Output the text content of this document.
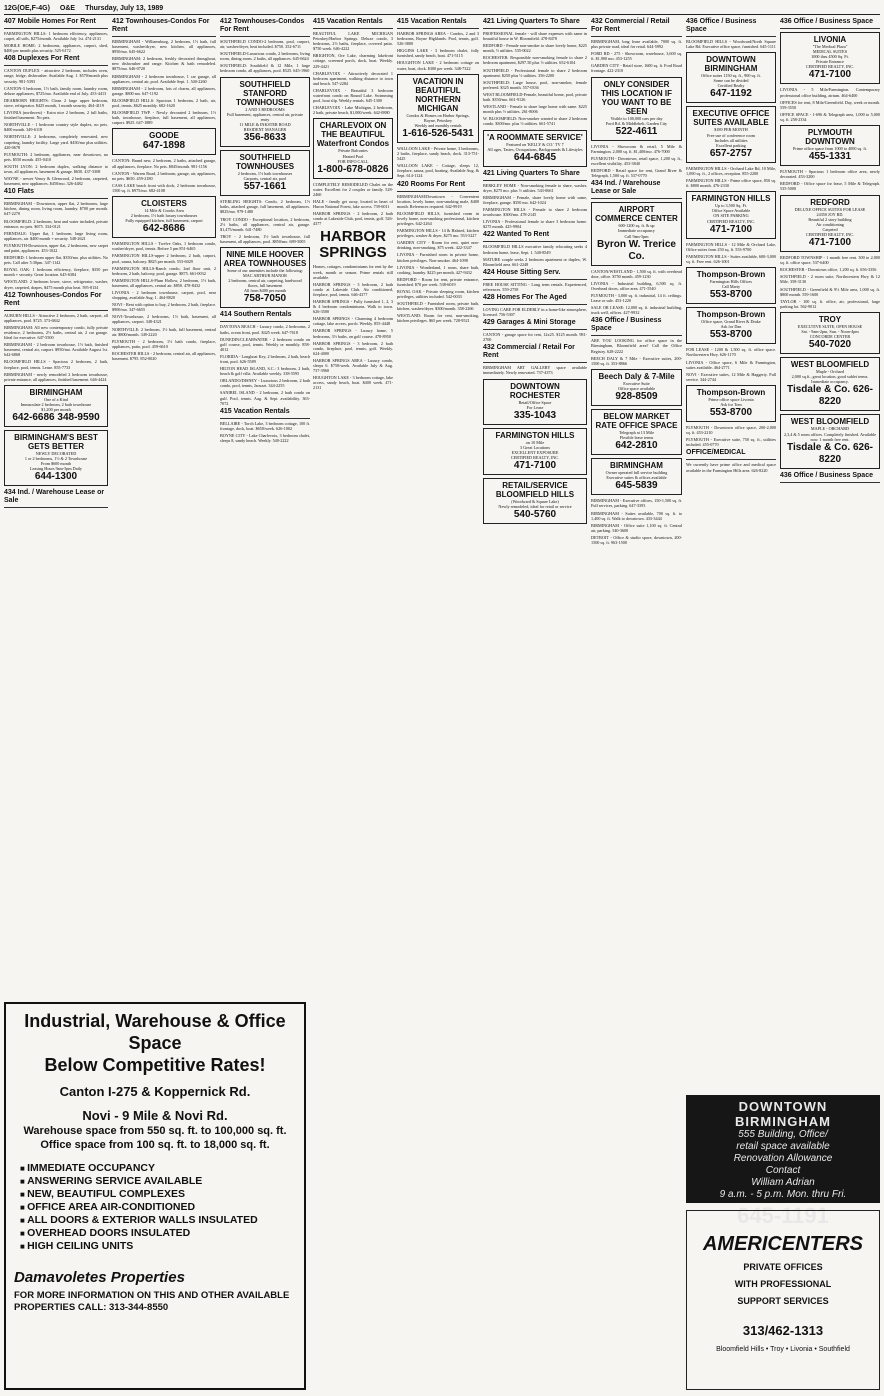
12G(OE,F-4G) O&E Thursday, July 13, 1989
407 Mobile Homes For Rent
FARMINGTON HILLS: 1 bedroom efficiency, appliances, carpet, all utils, $275/month. Available July 1st. 474-2131
MOBILE HOME: 2 bedrooms, appliances, carport, shed, $400 per month plus security. 525-6172
408 Duplexes For Rent
CANTON DUPLEX - attractive 2 bedroom, includes oven, range, fridge, dishwasher. Available Aug. 1. $570/month plus security. 981-5393
CANTON-3 bedroom, 1½ bath, family room, laundry room, deluxe appliances, $725/mo. Available end of July. 453-4413
DEARBORN HEIGHTS: Clean 2 large upper bedroom, stove, refrigerator. $425 month, 1 month security. 464-4119
LIVONIA (northwest) - Extra nice 2 bedroom, 2 full baths, finished basement. No pets.
NORTHVILLE - 1 bedroom country style duplex, no pets. $400 month. 349-6118
NORTHVILLE: 2 bedrooms, completely renovated, new carpeting, laundry facility. Large yard. $450/mo plus utilities. 420-0678
PLYMOUTH: 2 bedroom, appliances, near downtown, no pets. $550 month. 455-0410
SOUTH LYON: 2 bedroom duplex, walking distance to town, all appliances, basement & garage. $650. 437-3308
WAYNE - newer Venoy & Glenwood, 2 bedroom, carpeted, basement, new appliances. $450/mo. 326-4482
410 Flats
BIRMINGHAM - Downtown, upper flat, 2 bedrooms, large kitchen, dining room, living room, laundry. $700 per month. 647-2270
BLOOMFIELD: 2 bedroom, heat and water included, private entrance, no pets. $675. 334-0121
FERNDALE: Upper flat, 1 bedroom, large living room, appliances, air. $400 month + security. 548-2621
PLYMOUTH-Downtown, upper flat, 2 bedrooms, new carpet and paint, appliances. 453-1022
REDFORD: 1 bedroom upper flat, $350/mo. plus utilities. No pets. Call after 5:30pm. 347-1142
ROYAL OAK: 1 bedroom efficiency, fireplace, $350 per month + security. Great location. 645-6384
WESTLAND: 2 bedroom lower, stove, refrigerator, washer, dryer, carpeted, drapes, $475 month plus heat. 595-8134
412 Townhouses-Condos For Rent
AUBURN HILLS - Attractive 2 bedroom, 2 bath, carport, all appliances, pool. $725. 373-6842
BIRMINGHAM: All new contemporary condo, fully private residence, 2 bedrooms, 2½ baths, central air, 2 car garage. Ideal for executive. 647-5500
BIRMINGHAM - 2 bedroom townhouse, 1½ bath, finished basement, central air, carport. $950/mo. Available August 1st. 642-6868
BLOOMFIELD HILLS - Spacious 2 bedroom, 2 bath, fireplace, pool, tennis. Lease. 855-7733
BIRMINGHAM - newly remodeled 2 bedroom townhouse, private entrance, all appliances, finished basement. 646-4424
BIRMINGHAM
One of a Kind
Immaculate 2 bedroom, 2 bath townhouse
$1,200 per month
642-6686 348-9590
BIRMINGHAM'S BEST GETS BETTER
NEWLY DECORATED
1 or 2 bedrooms, 1½ & 2 Townhouse
From $600 month
Leasing Hours 9am-5pm Daily
644-1300
434 Ind. / Warehouse Lease or Sale
412 Townhouses-Condos For Rent
BIRMINGHAM - Williamsburg, 2 bedroom, 1½ bath, full basement, washer/dryer, new kitchen, all appliances, $950/mo. 645-6622
BIRMINGHAM: 2 bedroom, freshly decorated throughout, new dishwasher and range. Kitchen & bath remodeled. $875/mo. 646-0720
BIRMINGHAM - 2 bedroom townhouse, 1 car garage, all appliances, central air, pool. Available Sept. 1. 540-2260
BIRMINGHAM - 2 bedroom, lots of charm, all appliances, garage. $800 mo. 647-1192
BLOOMFIELD HILLS: Spacious 1 bedroom, 2 bath, air, pool, tennis, $625 monthly. 682-1620
BLOOMFIELD TWP. - Newly decorated 2 bedroom, 1½ bath, townhouse, fireplace, full basement, all appliances, carport. $925. 647-1889
GOODE
647-1898
CANTON: Brand new, 2 bedroom, 2 baths, attached garage, all appliances, fireplace. No pets. $845/month. 981-1156
CANTON - Warren Road, 2 bedroom, garage, air, appliances, no pets. $650. 459-2180
CASS LAKE beach front with dock, 2 bedroom townhouse, 1500 sq. ft. $975/mo. 682-4108
CLOISTERS
14 Mile & Crooks Area
2 bedroom, 1½ bath luxury townhouses
Fully equipped kitchen, full basement, carport
642-8686
FARMINGTON HILLS - Twelve Oaks, 1 bedroom condo, washer/dryer, pool, tennis. Before 5 pm 851-6465
FARMINGTON HILLS-upper 2 bedroom, 2 bath, carport, pool, sauna, balcony. $825 per month. 553-6029
FARMINGTON HILLS-Ranch condo, 2nd floor unit, 2 bedroom, 2 bath, balcony, pool, garage. $875. 661-0032
FARMINGTON HILLS-Plum Hollow, 2 bedroom, 1½ bath, basement, all appliances, central air. $850. 478-8432
LIVONIA - 2 bedroom townhouse, carport, pool, near shopping, available Aug. 1. 464-8820
NOVI - Rent with option to buy, 2 bedroom, 2 bath, fireplace. $900/mo. 347-6655
NOVI-Townhouse, 2 bedrooms, 1½ bath, basement, all appliances, carport. 348-4321
NORTHVILLE: 2 bedroom, 1½ bath, full basement, central air. $800/month. 349-2220
PLYMOUTH - 2 bedroom, 1½ bath condo, fireplace, appliances, patio, pool. 459-6610
ROCHESTER HILLS - 2 bedroom, central air, all appliances, basement. $795. 852-0020
412 Townhouses-Condos For Rent
SOUTHFIELD CONDO-2 bedroom, pool, carport, air, washer/dryer, heat included. $750. 352-6711
SOUTHFIELD-Luxurious condo, 2 bedrooms, living room, dining room, 2 baths, all appliances. 645-6624
SOUTHFIELD: Southfield & 12 Mile, 1 large bedroom condo, all appliances, pool. $525. 645-1960
SOUTHFIELD STANFORD TOWNHOUSES
2 AND 3 BEDROOMS
Full basement, appliances, central air, private entry
11 MILE & INKSTER ROAD
RESIDENT MANAGER
356-8633
SOUTHFIELD TOWNHOUSES
2 bedroom, 1½ bath townhouses
Carports, central air, pool
557-1661
STERLING HEIGHTS: Condo, 2 bedroom, 1½ baths, attached garage, full basement, all appliances. $825/mo. 979-1480
TROY CONDO - Exceptional location, 2 bedroom, 2½ baths, all appliances, central air, garage. $1,475/month. 641-7480
TROY - 2 bedroom, 1½ bath townhouse, full basement, all appliances, pool. $850/mo. 689-5005
NINE MILE HOOVER AREA TOWNHOUSES
Some of our amenities include the following:
MAC ARTHUR MANOR
2 bedroom, central air, carpeting, hardwood floors, full basement
All from $400 per month
758-7050
414 Southern Rentals
DAYTONA BEACH - Luxury condo, 2 bedrooms, 2 baths, ocean front, pool. $425 week. 647-7618
DUNEDIN/CLEARWATER - 2 bedroom condo on golf course, pool, tennis. Weekly or monthly. 858-4012
FLORIDA - Longboat Key, 2 bedroom, 2 bath, beach front, pool. 626-5589
HILTON HEAD ISLAND, S.C.: 3 bedroom, 2 bath, beach & golf villa. Available weekly. 338-5595
ORLANDO/DISNEY - Luxurious 2 bedroom, 2 bath condo, pool, tennis, Jacuzzi. 344-2255
SANIBEL ISLAND - 2 bedroom, 2 bath condo on gulf. Pool, tennis. Aug. & Sept. availability. 363-7072
415 Vacation Rentals
BELLAIRE - Torch Lake, 3 bedroom cottage, 100 ft. frontage, dock, boat. $650/week. 626-1002
BOYNE CITY - Lake Charlevoix, 3 bedroom chalet, sleeps 8, sandy beach. Weekly. 540-2222
415 Vacation Rentals
BEAUTIFUL LAKE MICHIGAN Petoskey/Harbor Springs. Deluxe condo, 3 bedrooms, 2½ baths, fireplace, covered patio. $750 week. 646-4222
BRIGHTON, Ore Lake, charming lakefront cottage, screened porch, dock, boat. Weekly. 229-4421
CHARLEVOIX - Attractively decorated 1 bedroom apartment, walking distance to town and beach. 547-2284
CHARLEVOIX - Beautiful 3 bedroom waterfront condo on Round Lake. Swimming pool, boat slip. Weekly rentals. 645-1300
CHARLEVOIX - Lake Michigan, 2 bedroom, 2 bath, private beach, $1,000/week. 642-0880
CHARLEVOIX ON THE BEAUTIFUL Waterfront Condos
Private Balconies
Heated Pool
FOR INFO CALL
1-800-678-0826
COMPLETELY REMODELED Chalet on the water. Excellent for 2 couples or family. 528-2460
HALE - family get away, located in heart of Huron National Forest, lake access. 739-6011
HARBOR SPRINGS - 2 bedroom, 2 bath condo at Lakeside Club, pool, tennis, golf. 526-4377
HARBOR SPRINGS
Homes, cottages, condominiums for rent by the week, month or season. Prime rentals still available.
HARBOR SPRINGS - 3 bedroom, 2 bath condo at Lakeside Club. Air conditioned, fireplace, pool, tennis. 646-4377
HARBOR SPRINGS - Fully furnished 1, 2, 3 & 4 bedroom condominiums. Walk to town. 626-3500
HARBOR SPRINGS - Charming 4 bedroom cottage, lake access, porch. Weekly. 855-4448
HARBOR SPRINGS - Luxury home, 5 bedrooms, 3½ baths, on golf course. 478-8950
HARBOR SPRINGS - 3 bedroom, 2 bath condo, fireplace, pool, tennis, golf. Weekly. 624-4000
HARBOR SPRINGS AREA - Luxury condo, sleeps 6. $750/week. Available July & Aug. 737-3960
HOUGHTON LAKE - 3 bedroom cottage, lake access, sandy beach, boat. $400 week. 471-2131
415 Vacation Rentals
HARBOR SPRINGS AREA - Condos, 2 and 3 bedrooms, Boyne Highlands. Pool, tennis, golf. 526-3800
HIGGINS LAKE - 3 bedroom chalet, fully furnished, sandy beach, boat. 471-5115
HOUGHTON LAKE - 2 bedroom cottage on water, boat, dock. $300 per week. 348-7322
VACATION IN BEAUTIFUL NORTHERN MICHIGAN
Condos & Homes on Harbor Springs, Boyne, Petoskey
Weekly and monthly rentals
1-616-526-5431
WALLOON LAKE - Private home, 3 bedrooms, 2 baths, fireplace, sandy beach, dock. 313-751-5425
WALLOON LAKE - Cottage, sleeps 12, fireplace, sauna, pool, boating. Available Aug. & Sept. 614-1124
420 Rooms For Rent
BIRMINGHAM/Downtown - Convenient location, lovely home, non-smoking male, $400 month. References required. 642-9919
BLOOMFIELD HILLS, furnished room in lovely home, non-smoking professional, kitchen privileges. 642-2264
FARMINGTON HILLS - 14 & Halsted, kitchen privileges, washer & dryer, $275 mo. 553-5227
GARDEN CITY - Room for rent, quiet non-drinking, non-smoking. $75 week. 422-3347
LIVONIA - Furnished room in private home, kitchen privileges. Non-smoker. 464-1098
LIVONIA - Wonderland, 1 room, share bath, cooking, laundry. $225 per month. 427-9432
REDFORD - Room for rent, private entrance, furnished. $70 per week. 538-6019
ROYAL OAK - Private sleeping room, kitchen privileges, utilities included. 542-0033
SOUTHFIELD - Furnished room, private bath, kitchen, washer/dryer. $300/month. 358-2266
WESTLAND: Room for rent, non-smoking, kitchen privileges. $65 per week. 728-9521
421 Living Quarters To Share
PROFESSIONAL female - will share expenses with same in beautiful house in W. Bloomfield. 478-8478
REDFORD - Female non-smoker to share lovely home, $225 month, ½ utilities. 535-0022
ROCHESTER: Responsible non-smoking female to share 2 bedroom apartment, $297.50 plus ½ utilities. 652-6104
SOUTHFIELD - Professional female to share 2 bedroom apartment. $250 plus ½ utilities. 356-2200
SOUTHFIELD: Large house, pool, non-smoker, female preferred. $325 month. 557-0336
WEST BLOOMFIELD-Female, beautiful home, pool, private bath. $350/mo. 661-9126
WESTLAND - Female to share large home with same. $225 month plus ½ utilities. 261-8006
W. BLOOMFIELD: Non-smoker wanted to share 2 bedroom condo. $300/mo. plus ½ utilities. 661-5741
'A ROOMMATE SERVICE'
Featured on 'KELLY & CO.' TV 7
All ages, Tastes, Occupations, Backgrounds & Lifestyles
644-6845
421 Living Quarters To Share
BERKLEY HOME - Non-smoking female to share, washer, dryer, $275 mo. plus ½ utilities. 543-0661
BIRMINGHAM - Female, share lovely home with same, fireplace, garage. $350 mo. 642-1024
FARMINGTON HILLS - Female to share 2 bedroom townhouse. $300/mo. 478-2145
LIVONIA - Professional female to share 3 bedroom home. $275 month. 425-9904
422 Wanted To Rent
BLOOMFIELD HILLS executive family relocating seeks 4 bedroom home, lease, Sept. 1. 540-8549
MATURE couple seeks 2 bedroom apartment or duplex, W. Bloomfield area. 661-2248
424 House Sitting Serv.
FREE HOUSE SITTING - Long term rentals. Experienced, references. 559-2758
428 Homes For The Aged
LOVING CARE FOR ELDERLY in a home-like atmosphere, licensed. 756-5307
429 Garages & Mini Storage
CANTON - garage space for rent, 12x25. $125 month. 981-2700
432 Commercial / Retail For Rent
BIRMINGHAM ART GALLERY space available immediately. Newly renovated. 737-4373
DOWNTOWN ROCHESTER
Retail/Office Space
For Lease
335-1043
FARMINGTON HILLS
on 10 Mile
3 Great Locations
EXCELLENT EXPOSURE
CERTIFIED REALTY, INC.
471-7100
RETAIL/SERVICE BLOOMFIELD HILLS
(Woodward & Square Lake)
Newly remodeled, ideal for retail or service
540-5760
432 Commercial / Retail For Rent
BIRMINGHAM, long lease available, 7000 sq. ft. plus private road, ideal for retail. 644-5992
FORD RD - 275 - Showroom, warehouse, 3,600 sq. ft. $1,900 mo. 453-1255
GARDEN CITY - Retail store, 1600 sq. ft. Ford Road frontage. 422-2310
ONLY CONSIDER THIS LOCATION IF YOU WANT TO BE SEEN
Visible to 100,000 cars per day
Ford Rd. & Middlebelt, Garden City
522-4611
LIVONIA - Showroom & retail, 5 Mile & Farmington. 2,000 sq. ft. $1,400/mo. 476-7000
PLYMOUTH - Downtown, retail space, 1,200 sq. ft., excellent visibility. 453-3840
REDFORD - Retail space for rent, Grand River & Telegraph, 1,500 sq. ft. 537-0770
434 Ind. / Warehouse Lease or Sale
AIRPORT COMMERCE CENTER
600-1200 sq. ft. & up
Immediate occupancy
Call 9am-5pm
Byron W. Trerice Co.
CANTON/WESTLAND - 1,500 sq. ft. with overhead door, office. $750 month. 459-1230
LIVONIA - Industrial building, 6,500 sq. ft. Overhead doors, office area. 471-5540
PLYMOUTH - 3,000 sq. ft. industrial, 14 ft. ceilings. Lease or sale. 453-1220
SALE OR LEASE: 12,000 sq. ft. industrial building, truck well, offices. 427-9932
436 Office / Business Space
ARE YOU LOOKING for office space in the Birmingham, Bloomfield area? Call the Office Registry. 628-2222
BEECH DALY & 7 Mile - Executive suites, 200-1500 sq. ft. 353-8866
Beech Daly & 7-Mile
Executive Suite
Office space available
928-8509
BELOW MARKET RATE OFFICE SPACE
Telegraph at 13 Mile
Flexible lease terms
642-2810
BIRMINGHAM
Owner operated full service building
Executive suites & offices available
645-5839
BIRMINGHAM - Executive offices, 150-1,500 sq. ft. Full services, parking. 647-3393
BIRMINGHAM - Suites available, 700 sq. ft. to 1,400 sq. ft. Walk to downtown. 433-3444
BIRMINGHAM - Office suite 1,100 sq. ft. Central air, parking. 540-3600
DETROIT - Office & studio space, downtown, 200-1500 sq. ft. 963-1500
436 Office / Business Space
BLOOMFIELD HILLS - Woodward/North Square Lake Rd. Executive office space, furnished. 645-1111
DOWNTOWN BIRMINGHAM
Office suites 1150 sq. ft., 900 sq. ft.
Some can be divided
Certified Realty
647-1192
EXECUTIVE OFFICE SUITES AVAILABLE
$189 PER MONTH
Free use of conference room
Includes all utilities
Excellent parking
657-2757
FARMINGTON HILLS - Orchard Lake Rd, 10 Mile, 1,000 sq. ft., 2 offices, reception. 855-2200
FARMINGTON HILLS - Prime office space, 850 sq. ft. $800 month. 476-2330
FARMINGTON HILLS
Up to 3,500 Sq. Ft.
Office Space Available
ON SITE PARKING
CERTIFIED REALTY, INC.
471-7100
FARMINGTON HILLS - 12 Mile & Orchard Lake, Office suites from 250 sq. ft. 553-9700
FARMINGTON HILLS - Suites available, 600-3,000 sq. ft. Free rent. 626-1001
Thompson-Brown
Farmington Hills Offices
Call Marty
553-8700
Thompson-Brown
Office space, Grand River & Drake
Ask for Dan
553-8700
FOR LEASE - 1200 & 1,500 sq. ft. office space. Northwestern Hwy. 626-1170
LIVONIA - Office space, 6 Mile & Farmington, suites available. 464-2771
NOVI - Executive suites, 12 Mile & Haggerty. Full service. 344-2744
Thompson-Brown
Prime office space Livonia
Ask for Tom
553-8700
PLYMOUTH - Downtown office space, 200-2,000 sq. ft. 453-2210
PLYMOUTH - Executive suite, 750 sq. ft., utilities included. 455-0770
OFFICE/MEDICAL
We currently have prime office and medical space available in the Farmington Hills area. 626-8220
436 Office / Business Space
LIVONIA
"The Medical Plaza"
MEDICAL SUITES
1000 thru 4500 Sq. Ft.
Private Entrance
CERTIFIED REALTY, INC.
471-7100
LIVONIA - 5 Mile/Farmington. Contemporary professional office building, atrium. 464-6400
OFFICES for rent, 8 Mile/Greenfield. Day, week or month. 559-3550
OFFICE SPACE - 1-696 & Telegraph area, 1,000 to 5,000 sq. ft. 258-2334
PLYMOUTH DOWNTOWN
Prime office space from 1000 to 4000 sq. ft.
455-1331
PLYMOUTH - Spacious 1 bedroom office area, newly decorated. 453-3200
REDFORD - Office space for lease, 5 Mile & Telegraph. 535-5000
REDFORD
DELUXE OFFICE SUITES FOR LEASE
24350 JOY RD.
Beautiful 2 story building
Air conditioning
Carpeted
CERTIFIED REALTY, INC.
471-7100
REDFORD TOWNSHIP - 1 month free rent. 300 to 2,000 sq. ft. office space. 537-6400
ROCHESTER - Downtown office, 1,200 sq. ft. 656-3356
SOUTHFIELD - 2 room suite, Northwestern Hwy & 12 Mile. 358-3130
SOUTHFIELD - Greenfield & 9½ Mile area, 1,000 sq. ft. $800 month. 559-1600
TAYLOR - 100 sq. ft. office, air, professional, large parking lot. 562-9012
TROY
EXECUTIVE SUITE, OPEN HOUSE
Sat. - 9am-2pm, Sun. - Noon-4pm
CONCORDE CENTER
540-7020
WEST BLOOMFIELD
Maple - Orchard
2,000 sq.ft., great location, good sublet terms. Immediate occupancy.
Tisdale & Co. 626-8220
WEST BLOOMFIELD
MAPLE - ORCHARD
2,3,4 & 5 room offices. Completely finished. Available now. 1 month free rent.
Tisdale & Co. 626-8220
436 Office / Business Space
Industrial, Warehouse & Office Space
Below Competitive Rates!
Canton I-275 & Koppernick Rd.
Novi - 9 Mile & Novi Rd.
Warehouse space from 550 sq. ft. to 100,000 sq. ft.
Office space from 100 sq. ft. to 18,000 sq. ft.
■ IMMEDIATE OCCUPANCY
■ ANSWERING SERVICE AVAILABLE
■ NEW, BEAUTIFUL COMPLEXES
■ OFFICE AREA AIR-CONDITIONED
■ ALL DOORS & EXTERIOR WALLS INSULATED
■ OVERHEAD DOORS INSULATED
■ HIGH CEILING UNITS
Damavoletes Properties
FOR MORE INFORMATION ON THIS AND OTHER AVAILABLE PROPERTIES CALL: 313-344-8550
DOWNTOWN BIRMINGHAM
555 Building, Office/
retail space available
Renovation Allowance
Contact
William Adrian
9 a.m. - 5 p.m. Mon. thru Fri.
645-1191
AMERICENTERS
PRIVATE OFFICES
WITH PROFESSIONAL
SUPPORT SERVICES
313/462-1313
Bloomfield Hills • Troy • Livonia • Southfield
